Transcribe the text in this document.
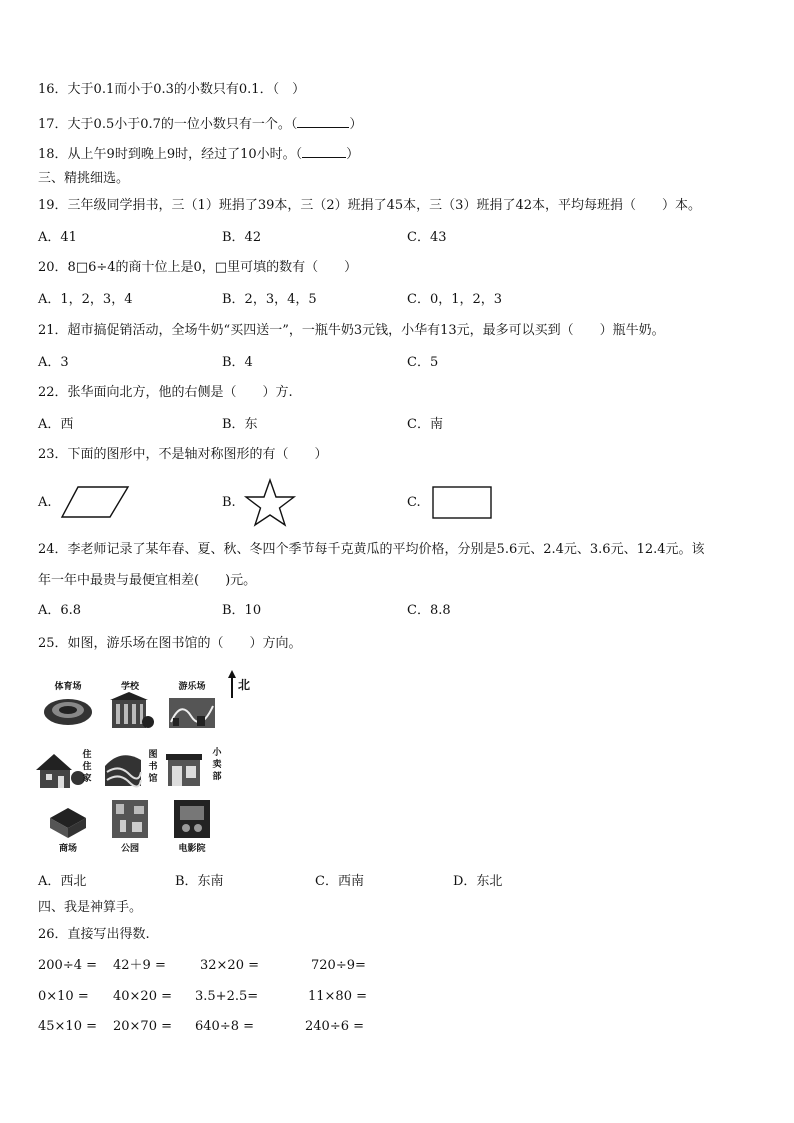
16．大于0.1而小于0.3的小数只有0.1．（　）
17．大于0.5小于0.7的一位小数只有一个。（	）
18．从上午9时到晚上9时，经过了10小时。（	）
三、精挑细选。
19．三年级同学捐书，三（1）班捐了39本，三（2）班捐了45本，三（3）班捐了42本，平均每班捐（　　）本。
A．41	B．42	C．43
20．8□6÷4的商十位上是0，□里可填的数有（　　）
A．1，2，3，4	B．2，3，4，5	C．0，1，2，3
21．超市搞促销活动，全场牛奶“买四送一”，一瓶牛奶3元钱，小华有13元，最多可以买到（　　）瓶牛奶。
A．3	B．4	C．5
22．张华面向北方，他的右侧是（　　）方.
A．西	B．东	C．南
23．下面的图形中，不是轴对称图形的有（　　）
A.	B.	C.
24．李老师记录了某年春、夏、秋、冬四个季节每千克黄瓜的平均价格，分别是5.6元、2.4元、3.6元、12.4元。该
年一年中最贵与最便宜相差(　　)元。
A．6.8	B．10	C．8.8
25．如图，游乐场在图书馆的（　　）方向。
北
体育场	学校	游乐场
住
住
家
图
书
馆
小
卖
部
商场	公园	电影院
A．西北	B．东南	C．西南	D．东北
四、我是神算手。
26．直接写出得数.
200÷4 = 42＋9 =	32×20 =	720÷9=
0×10 = 40×20 = 3.5+2.5=	11×80 =
45×10 = 20×70 = 640÷8 =	240÷6 =
